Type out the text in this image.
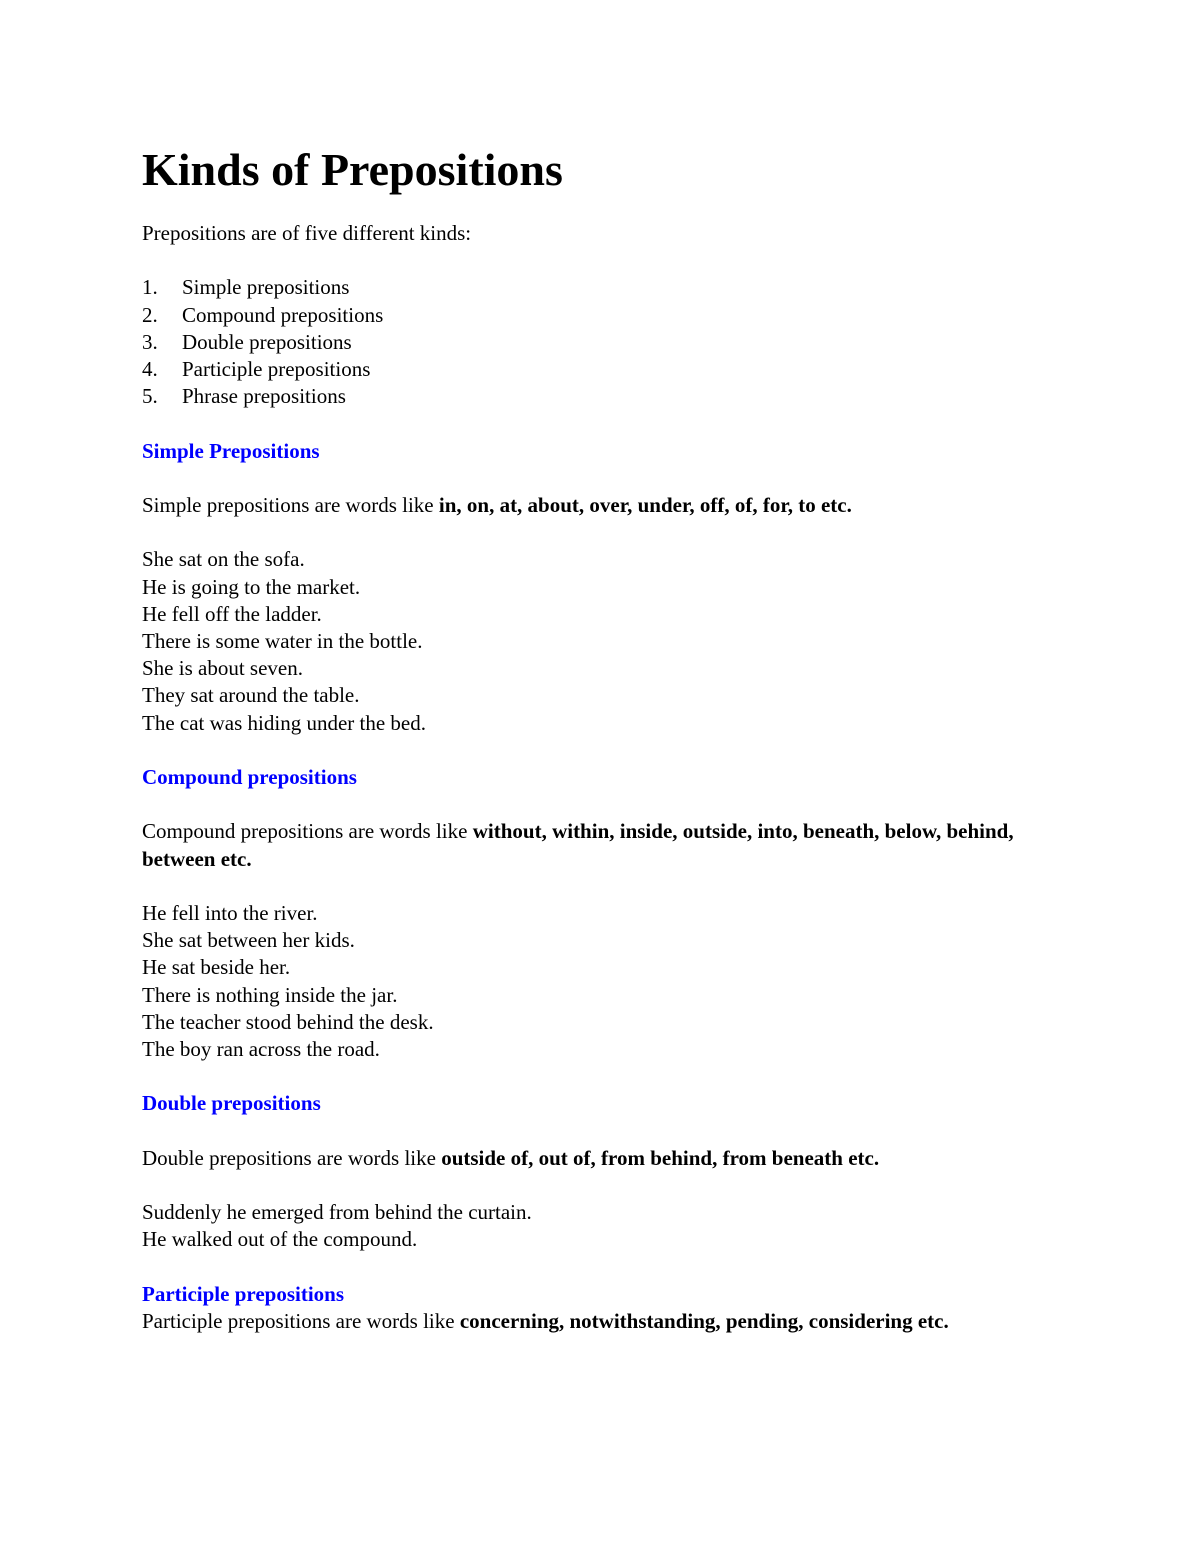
Kinds of Prepositions

Prepositions are of five different kinds:

1.	Simple prepositions
2.	Compound prepositions
3.	Double prepositions
4.	Participle prepositions
5.	Phrase prepositions
Simple Prepositions

Simple prepositions are words like in, on, at, about, over, under, off, of, for, to etc.

She sat on the sofa.
He is going to the market.
He fell off the ladder.
There is some water in the bottle.
She is about seven.
They sat around the table.
The cat was hiding under the bed.
Compound prepositions

Compound prepositions are words like without, within, inside, outside, into, beneath, below, behind, between etc.

He fell into the river.
She sat between her kids.
He sat beside her.
There is nothing inside the jar.
The teacher stood behind the desk.
The boy ran across the road.
Double prepositions

Double prepositions are words like outside of, out of, from behind, from beneath etc.

Suddenly he emerged from behind the curtain.
He walked out of the compound.
Participle prepositions

Participle prepositions are words like concerning, notwithstanding, pending, considering etc.
